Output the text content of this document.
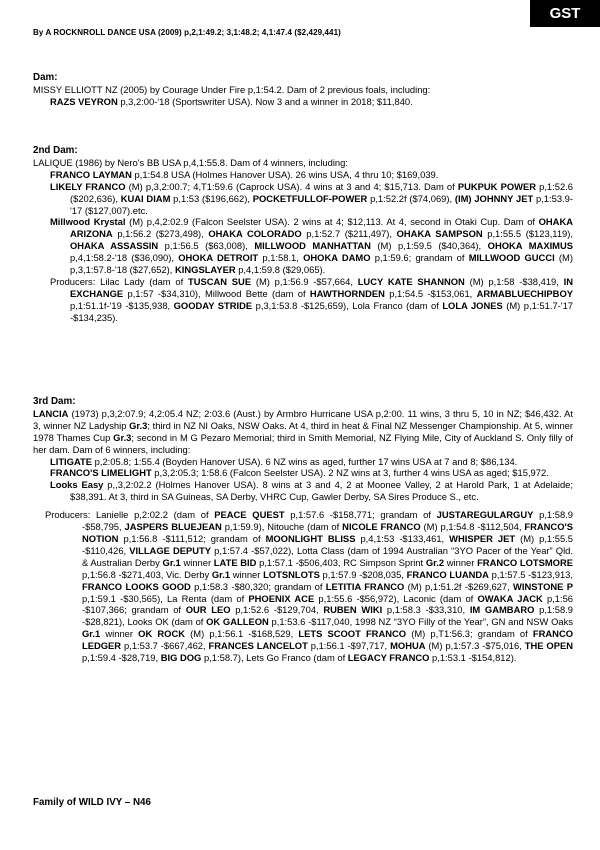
GST
By A ROCKNROLL DANCE USA (2009) p,2,1:49.2; 3,1:48.2; 4,1:47.4 ($2,429,441)
Dam:

MISSY ELLIOTT NZ (2005) by Courage Under Fire p,1:54.2. Dam of 2 previous foals, including:

RAZS VEYRON p,3,2:00-'18 (Sportswriter USA). Now 3 and a winner in 2018; $11,840.

2nd Dam:

LALIQUE (1986) by Nero's BB USA p,4,1:55.8. Dam of 4 winners, including:

FRANCO LAYMAN p,1:54.8 USA (Holmes Hanover USA). 26 wins USA, 4 thru 10; $169,039.

LIKELY FRANCO (M) p,3,2:00.7; 4,T1:59.6 (Caprock USA). 4 wins at 3 and 4; $15,713. Dam of PUKPUK POWER p,1:52.6 ($202,636), KUAI DIAM p,1:53 ($196,662), POCKETFULLOF-POWER p,1:52.2f ($74,069), (IM) JOHNNY JET p,1:53.9-'17 ($127,007).etc.

Millwood Krystal (M) p,4,2:02.9 (Falcon Seelster USA). 2 wins at 4; $12,113. At 4, second in Otaki Cup. Dam of OHAKA ARIZONA p,1:56.2 ($273,498), OHAKA COLORADO p,1:52.7 ($211,497), OHAKA SAMPSON p,1:55.5 ($123,119), OHAKA ASSASSIN p,1:56.5 ($63,008), MILLWOOD MANHATTAN (M) p,1:59.5 ($40,364), OHOKA MAXIMUS p,4,1:58.2-'18 ($36,090), OHOKA DETROIT p,1:58.1, OHOKA DAMO p,1:59.6; grandam of MILLWOOD GUCCI (M) p,3,1:57.8-'18 ($27,652), KINGSLAYER p,4,1:59.8 ($29,065).

Producers: Lilac Lady (dam of TUSCAN SUE (M) p,1:56.9 -$57,664, LUCY KATE SHANNON (M) p,1:58 -$38,419, IN EXCHANGE p,1:57 -$34,310), Millwood Bette (dam of HAWTHORNDEN p,1:54.5 -$153,061, ARMABLUECHIPBOY p,1:51.1f-'19 -$135,938, GOODAY STRIDE p,3,1:53.8 -$125,659), Lola Franco (dam of LOLA JONES (M) p,1:51.7-'17 -$134,235).

3rd Dam:

LANCIA (1973) p,3,2:07.9; 4,2:05.4 NZ; 2:03.6 (Aust.) by Armbro Hurricane USA p,2:00. 11 wins, 3 thru 5, 10 in NZ; $46,432. At 3, winner NZ Ladyship Gr.3; third in NZ NI Oaks, NSW Oaks. At 4, third in heat & Final NZ Messenger Championship. At 5, winner 1978 Thames Cup Gr.3; second in M G Pezaro Memorial; third in Smith Memorial, NZ Flying Mile, City of Auckland S. Only filly of her dam. Dam of 6 winners, including:

LITIGATE p,2:05.8; 1:55.4 (Boyden Hanover USA). 6 NZ wins as aged, further 17 wins USA at 7 and 8; $86,134.

FRANCO'S LIMELIGHT p,3,2:05.3; 1:58.6 (Falcon Seelster USA). 2 NZ wins at 3, further 4 wins USA as aged; $15,972.

Looks Easy p,,3,2:02.2 (Holmes Hanover USA). 8 wins at 3 and 4, 2 at Moonee Valley, 2 at Harold Park, 1 at Adelaide; $38,391. At 3, third in SA Guineas, SA Derby, VHRC Cup, Gawler Derby, SA Sires Produce S., etc.

Producers: Lanielle p,2:02.2 (dam of PEACE QUEST p,1:57.6 -$158,771; grandam of JUSTAREGULARGUY p,1:58.9 -$58,795, JASPERS BLUEJEAN p,1:59.9), Nitouche (dam of NICOLE FRANCO (M) p,1:54.8 -$112,504, FRANCO'S NOTION p,1:56.8 -$111,512; grandam of MOONLIGHT BLISS p,4,1:53 -$133,461, WHISPER JET (M) p,1:55.5 -$110,426, VILLAGE DEPUTY p,1:57.4 -$57,022), Lotta Class (dam of 1994 Australian “3YO Pacer of the Year” Qld. & Australian Derby Gr.1 winner LATE BID p,1:57.1 -$506,403, RC Simpson Sprint Gr.2 winner FRANCO LOTSMORE p,1:56.8 -$271,403, Vic. Derby Gr.1 winner LOTSNLOTS p,1:57.9 -$208,035, FRANCO LUANDA p,1:57.5 -$123,913, FRANCO LOOKS GOOD p,1:58.3 -$80,320; grandam of LETITIA FRANCO (M) p,1:51.2f -$269,627, WINSTONE P p,1:59.1 -$30,565), La Renta (dam of PHOENIX ACE p,1:55.6 -$56,972), Laconic (dam of OWAKA JACK p,1:56 -$107,366; grandam of OUR LEO p,1:52.6 -$129,704, RUBEN WIKI p,1:58.3 -$33,310, IM GAMBARO p,1:58.9 -$28,821), Looks OK (dam of OK GALLEON p,1:53.6 -$117,040, 1998 NZ “3YO Filly of the Year”, GN and NSW Oaks Gr.1 winner OK ROCK (M) p,1:56.1 -$168,529, LETS SCOOT FRANCO (M) p,T1:56.3; grandam of FRANCO LEDGER p,1:53.7 -$667,462, FRANCES LANCELOT p,1:56.1 -$97,717, MOHUA (M) p,1:57.3 -$75,016, THE OPEN p,1:59.4 -$28,719, BIG DOG p,1:58.7), Lets Go Franco (dam of LEGACY FRANCO p,1:53.1 -$154,812).

Family of WILD IVY – N46
